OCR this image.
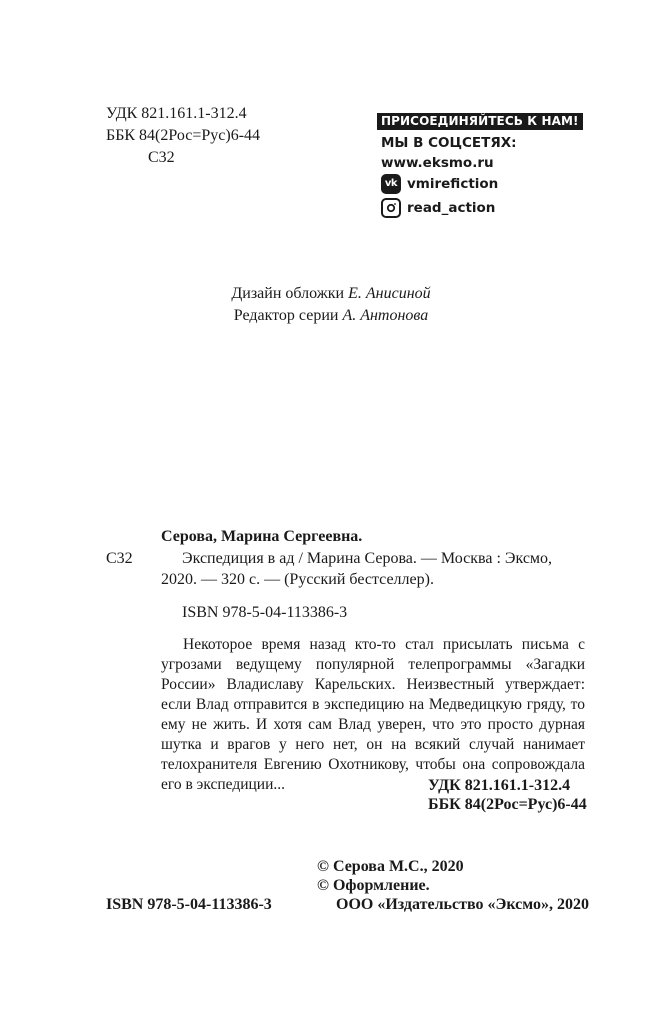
УДК 821.161.1-312.4
ББК 84(2Рос=Рус)6-44
С32
ПРИСОЕДИНЯЙТЕСЬ К НАМ!
МЫ В СОЦСЕТЯХ:
www.eksmo.ru
vk vmirefiction
read_action
Дизайн обложки Е. Анисиной
Редактор серии А. Антонова
Серова, Марина Сергеевна.
С32	Экспедиция в ад / Марина Серова. — Москва : Эксмо,
2020. — 320 с. — (Русский бестселлер).
ISBN 978-5-04-113386-3
Некоторое время назад кто-то стал присылать письма с угрозами ведущему популярной телепрограммы «Загадки России» Владиславу Карельских. Неизвестный утверждает: если Влад отправится в экспедицию на Медведицкую гряду, то ему не жить. И хотя сам Влад уверен, что это просто дурная шутка и врагов у него нет, он на всякий случай нанимает телохранителя Евгению Охотникову, чтобы она сопровождала его в экспедиции...	УДК 821.161.1-312.4
ББК 84(2Рос=Рус)6-44
© Серова М.С., 2020
© Оформление.
ISBN 978-5-04-113386-3	ООО «Издательство «Эксмо», 2020
